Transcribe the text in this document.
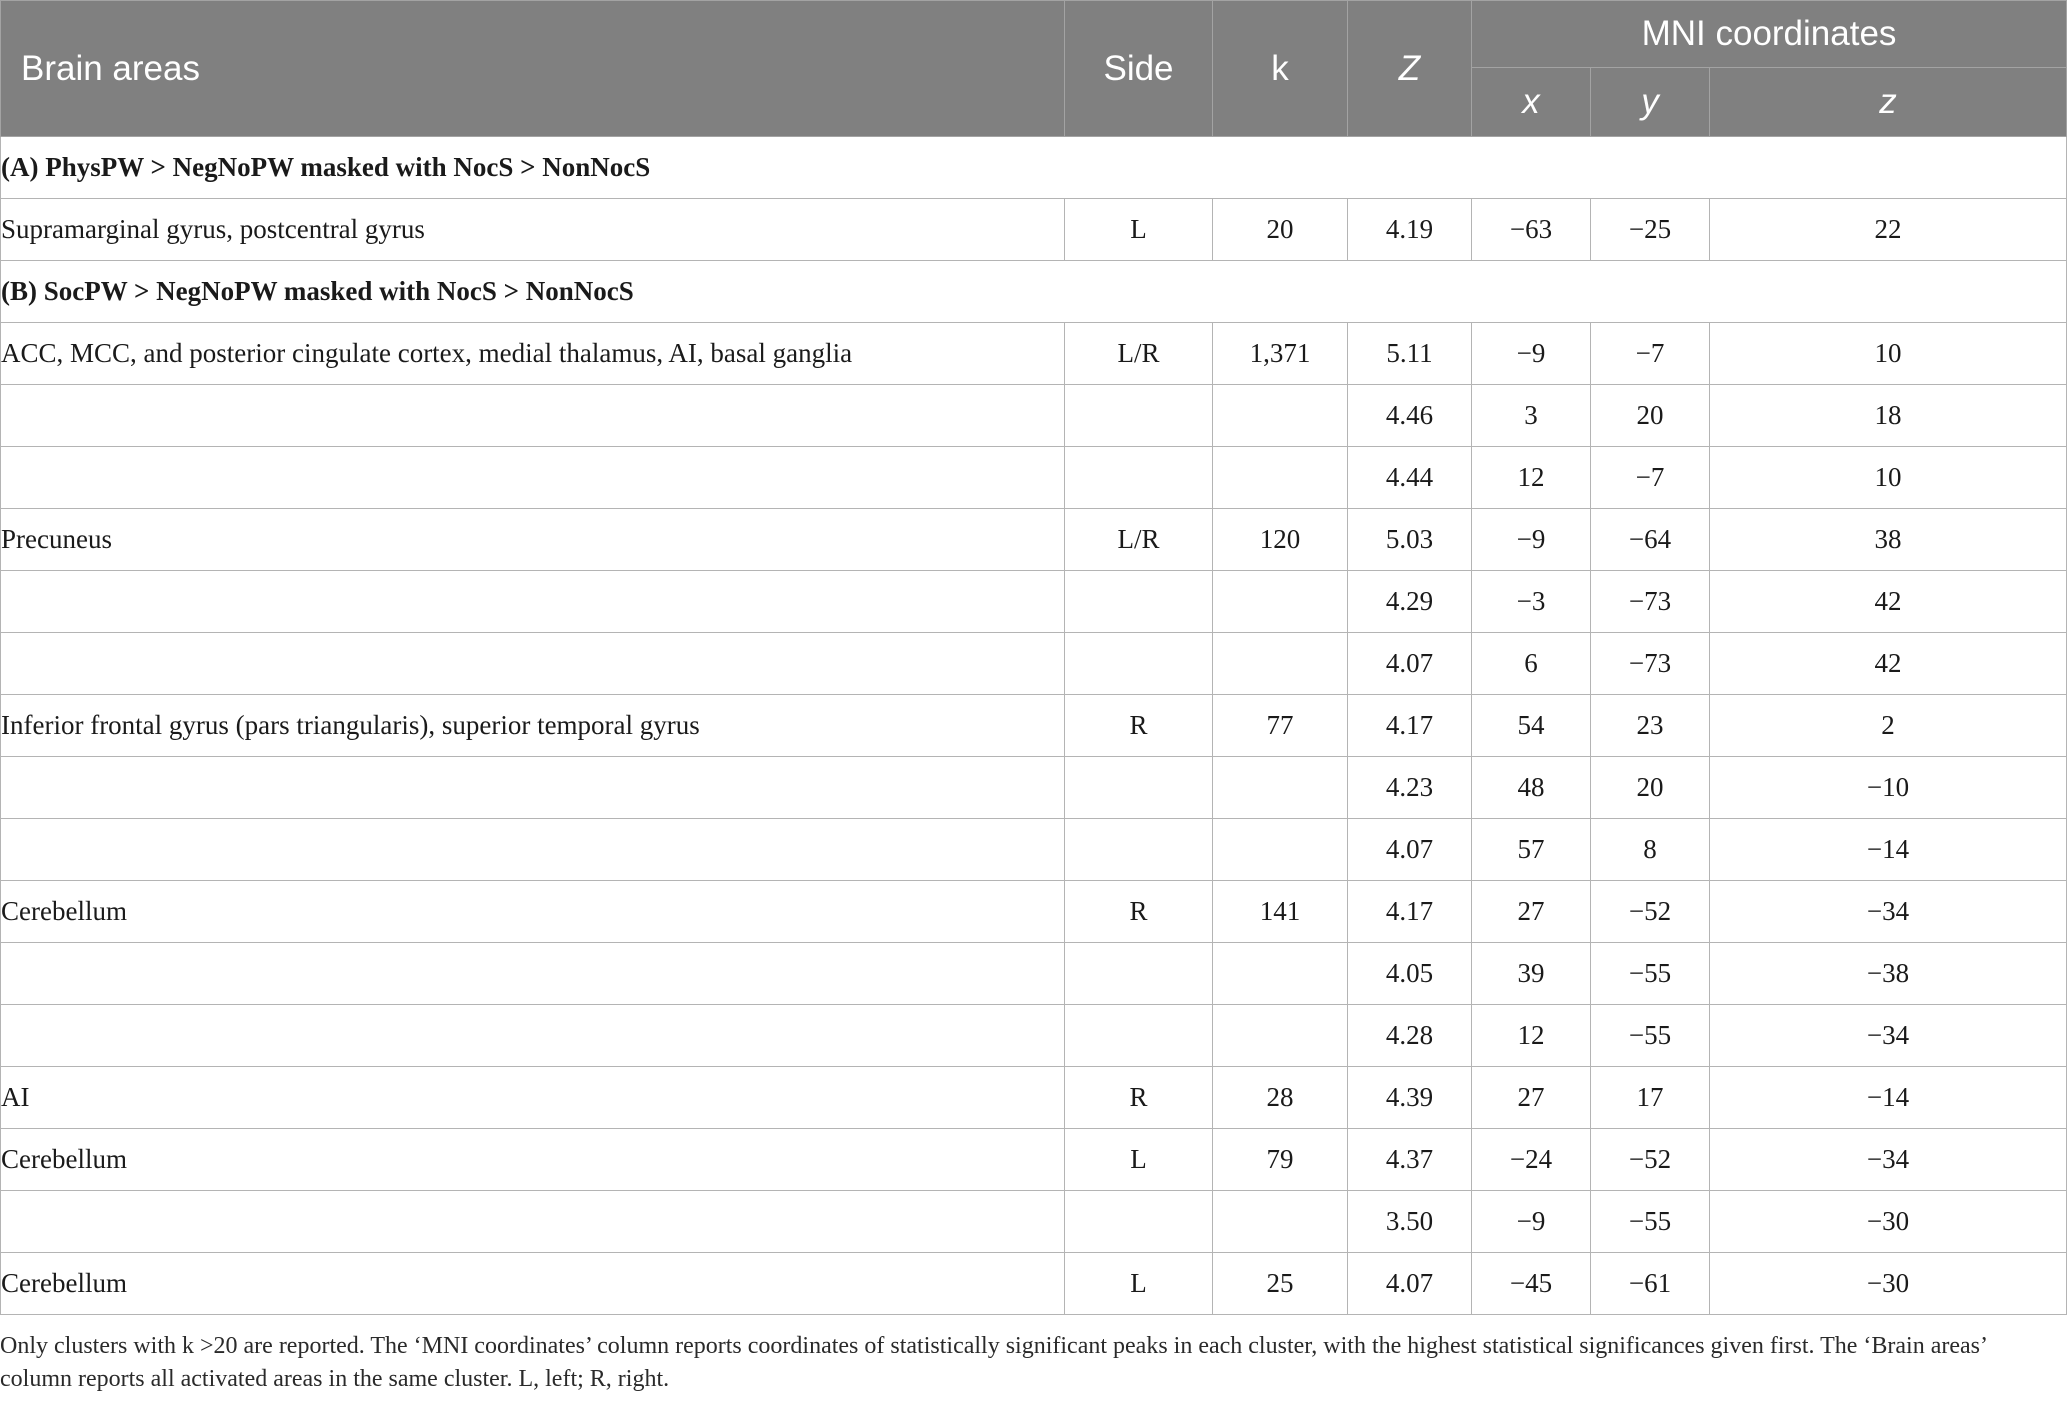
Brain areas	Side	k	Z	MNI coordinates		
				x	y	z
(A) PhysPW > NegNoPW masked with NocS > NonNocS						
Supramarginal gyrus, postcentral gyrus	L	20	4.19	−63	−25	22
(B) SocPW > NegNoPW masked with NocS > NonNocS						
ACC, MCC, and posterior cingulate cortex, medial thalamus, AI, basal ganglia	L/R	1,371	5.11	−9	−7	10
			4.46	3	20	18
			4.44	12	−7	10
Precuneus	L/R	120	5.03	−9	−64	38
			4.29	−3	−73	42
			4.07	6	−73	42
Inferior frontal gyrus (pars triangularis), superior temporal gyrus	R	77	4.17	54	23	2
			4.23	48	20	−10
			4.07	57	8	−14
Cerebellum	R	141	4.17	27	−52	−34
			4.05	39	−55	−38
			4.28	12	−55	−34
AI	R	28	4.39	27	17	−14
Cerebellum	L	79	4.37	−24	−52	−34
			3.50	−9	−55	−30
Cerebellum	L	25	4.07	−45	−61	−30
Only clusters with k >20 are reported. The ‘MNI coordinates’ column reports coordinates of statistically significant peaks in each cluster, with the highest statistical significances given first. The ‘Brain areas’ column reports all activated areas in the same cluster. L, left; R, right.
